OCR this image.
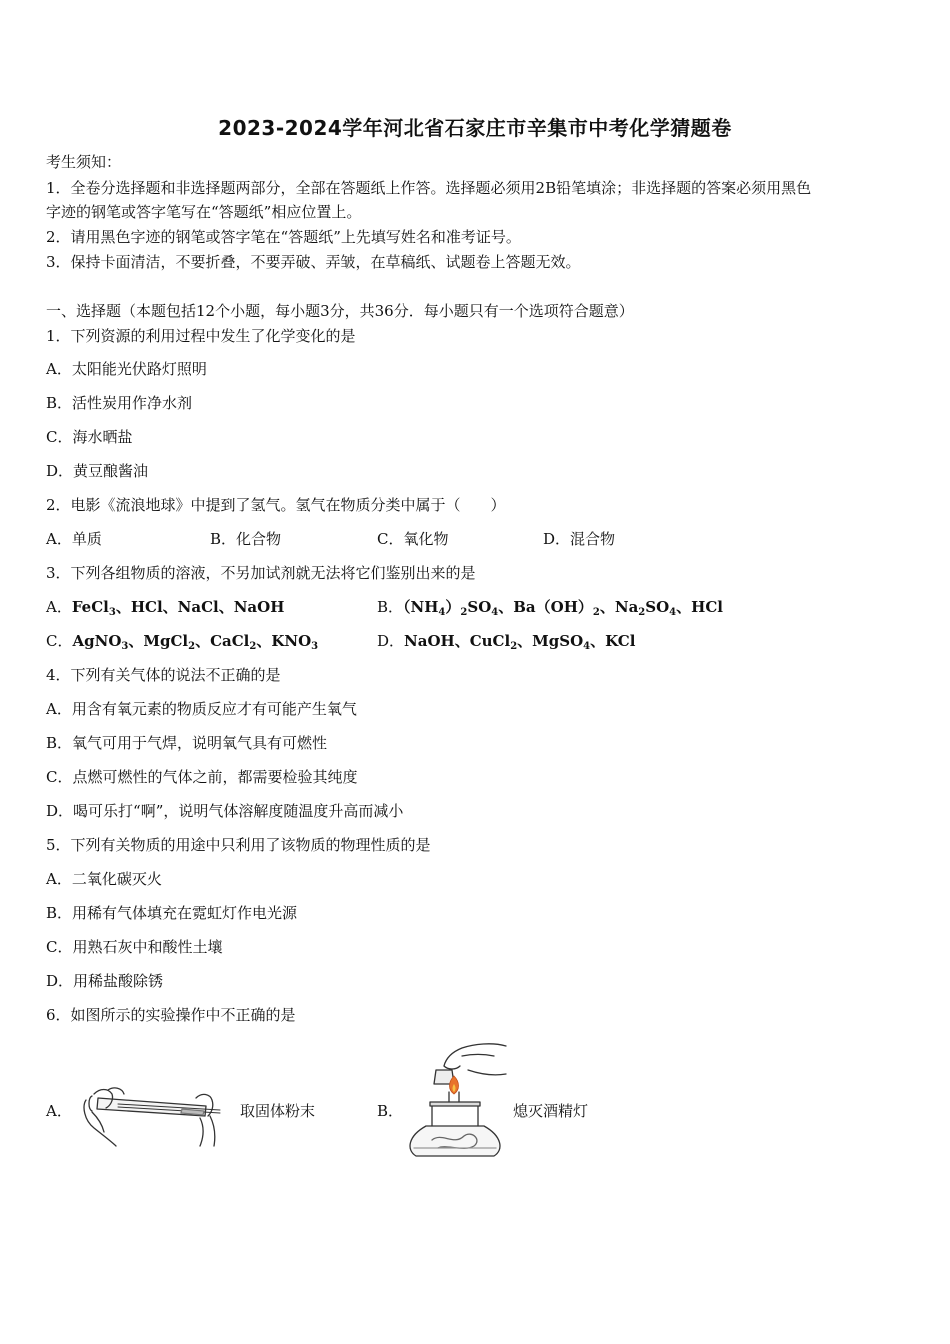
2023-2024学年河北省石家庄市辛集市中考化学猜题卷
考生须知：
1．全卷分选择题和非选择题两部分，全部在答题纸上作答。选择题必须用2B铅笔填涂；非选择题的答案必须用黑色
字迹的钢笔或答字笔写在“答题纸”相应位置上。
2．请用黑色字迹的钢笔或答字笔在“答题纸”上先填写姓名和准考证号。
3．保持卡面清洁，不要折叠，不要弄破、弄皱，在草稿纸、试题卷上答题无效。
一、选择题（本题包括12个小题，每小题3分，共36分．每小题只有一个选项符合题意）
1．下列资源的利用过程中发生了化学变化的是
A．太阳能光伏路灯照明
B．活性炭用作净水剂
C．海水晒盐
D．黄豆酿酱油
2．电影《流浪地球》中提到了氢气。氢气在物质分类中属于（　　）
A．单质	B．化合物	C．氧化物	D．混合物
3．下列各组物质的溶液，不另加试剂就无法将它们鉴别出来的是
A．FeCl$_3$、HCl、NaCl、NaOH	B．$(NH_4)_2SO_4$、$Ba(OH)_2$、$Na_2SO_4$、HCl
C．AgNO$_3$、MgCl$_2$、CaCl$_2$、$KNO_3$	D．NaOH、CuCl$_2$、MgSO$_4$、KCl
4．下列有关气体的说法不正确的是
A．用含有氧元素的物质反应才有可能产生氧气
B．氧气可用于气焊，说明氧气具有可燃性
C．点燃可燃性的气体之前，都需要检验其纯度
D．喝可乐打“啊”，说明气体溶解度随温度升高而减小
5．下列有关物质的用途中只利用了该物质的物理性质的是
A．二氧化碳灭火
B．用稀有气体填充在霓虹灯作电光源
C．用熟石灰中和酸性土壤
D．用稀盐酸除锈
6．如图所示的实验操作中不正确的是
A．	取固体粉末	B．	熄灭酒精灯
